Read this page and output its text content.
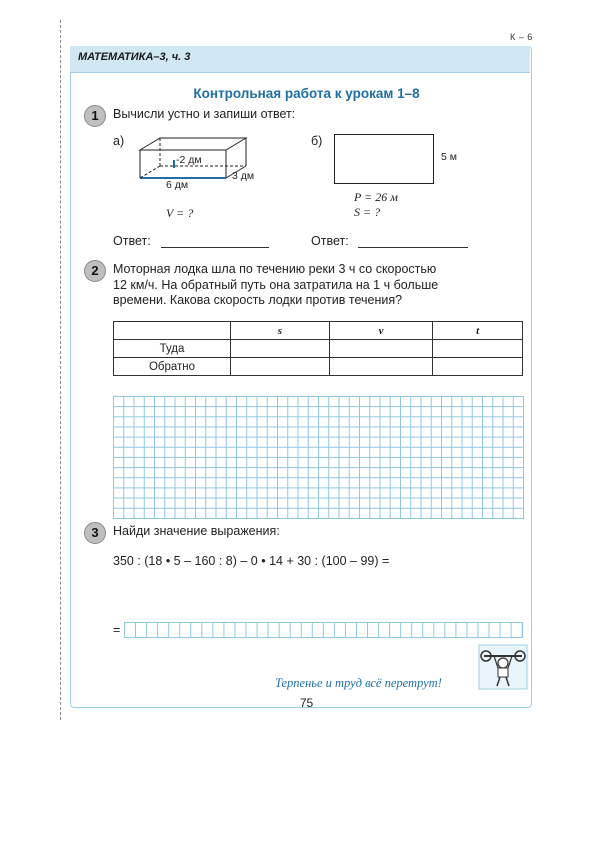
К – 6
МАТЕМАТИКА–3, ч. 3
Контрольная работа к урокам 1–8
1	Вычисли устно и запиши ответ:
а)
-2 дм
6 дм
3 дм
V = ?
б)
5 м
P = 26 м
S = ?
Ответ:	Ответ:
2	Моторная лодка шла по течению реки 3 ч со скоростью
12 км/ч. На обратный путь она затратила на 1 ч больше
времени. Какова скорость лодки против течения?
	s	v	t
Туда			
Обратно			
3	Найди значение выражения:
350 : (18 • 5 – 160 : 8) – 0 • 14 + 30 : (100 – 99) =
=
Терпенье и труд всё перетрут!
75
